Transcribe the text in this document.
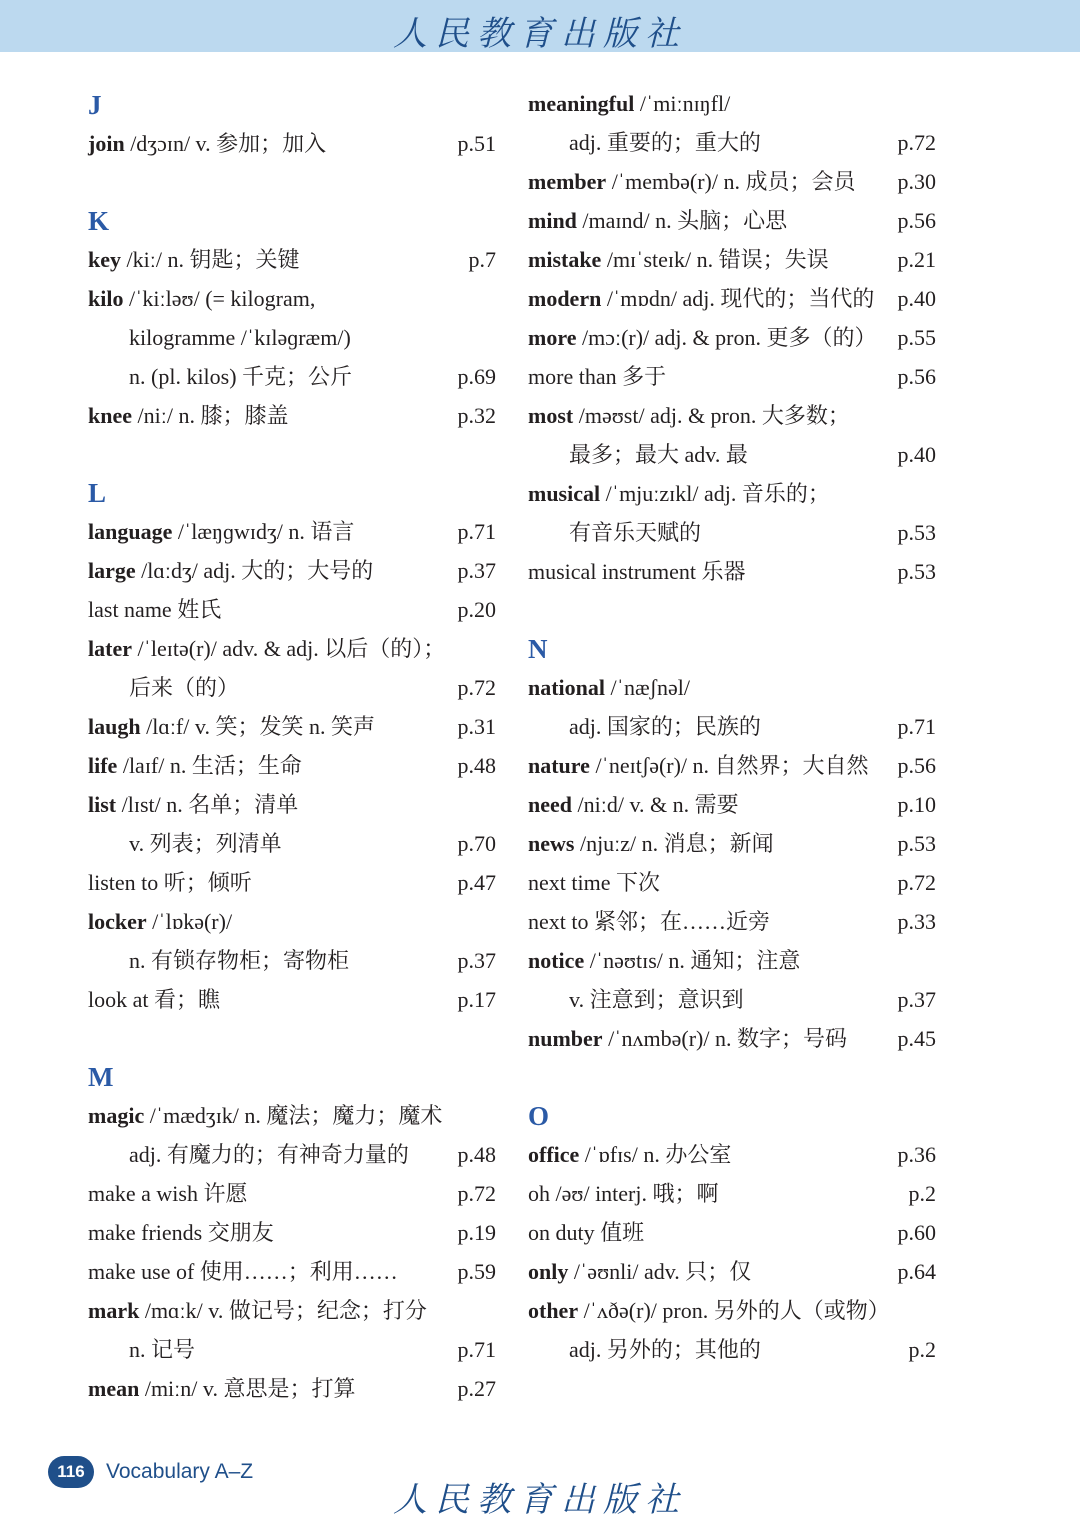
人民教育出版社
J
join /dʒɔɪn/ v. 参加；加入	p.51
K
key /kiː/ n. 钥匙；关键	p.7
kilo /ˈkiːləʊ/ (= kilogram,
kilogramme /ˈkɪləɡræm/)
n. (pl. kilos) 千克；公斤	p.69
knee /niː/ n. 膝；膝盖	p.32
L
language /ˈlæŋɡwɪdʒ/ n. 语言	p.71
large /lɑːdʒ/ adj. 大的；大号的	p.37
last name 姓氏	p.20
later /ˈleɪtə(r)/ adv. & adj. 以后（的）；
后来（的）	p.72
laugh /lɑːf/ v. 笑；发笑 n. 笑声	p.31
life /laɪf/ n. 生活；生命	p.48
list /lɪst/ n. 名单；清单
v. 列表；列清单	p.70
listen to 听；倾听	p.47
locker /ˈlɒkə(r)/
n. 有锁存物柜；寄物柜	p.37
look at 看；瞧	p.17
M
magic /ˈmædʒɪk/ n. 魔法；魔力；魔术
adj. 有魔力的；有神奇力量的 p.48
make a wish 许愿	p.72
make friends 交朋友	p.19
make use of 使用……；利用……	p.59
mark /mɑːk/ v. 做记号；纪念；打分
n. 记号	p.71
mean /miːn/ v. 意思是；打算	p.27
meaningful /ˈmiːnɪŋfl/
adj. 重要的；重大的	p.72
member /ˈmembə(r)/ n. 成员；会员 p.30
mind /maɪnd/ n. 头脑；心思	p.56
mistake /mɪˈsteɪk/ n. 错误；失误	p.21
modern /ˈmɒdn/ adj. 现代的；当代的 p.40
more /mɔː(r)/ adj. & pron. 更多（的） p.55
more than 多于	p.56
most /məʊst/ adj. & pron. 大多数；
最多；最大 adv. 最	p.40
musical /ˈmjuːzɪkl/ adj. 音乐的；
有音乐天赋的	p.53
musical instrument 乐器	p.53
N
national /ˈnæʃnəl/
adj. 国家的；民族的	p.71
nature /ˈneɪtʃə(r)/ n. 自然界；大自然 p.56
need /niːd/ v. & n. 需要	p.10
news /njuːz/ n. 消息；新闻	p.53
next time 下次	p.72
next to 紧邻；在……近旁	p.33
notice /ˈnəʊtɪs/ n. 通知；注意
v. 注意到；意识到	p.37
number /ˈnʌmbə(r)/ n. 数字；号码 p.45
O
office /ˈɒfɪs/ n. 办公室	p.36
oh /əʊ/ interj. 哦；啊	p.2
on duty 值班	p.60
only /ˈəʊnli/ adv. 只；仅	p.64
other /ˈʌðə(r)/ pron. 另外的人（或物）
adj. 另外的；其他的	p.2
116	Vocabulary A–Z
人民教育出版社
